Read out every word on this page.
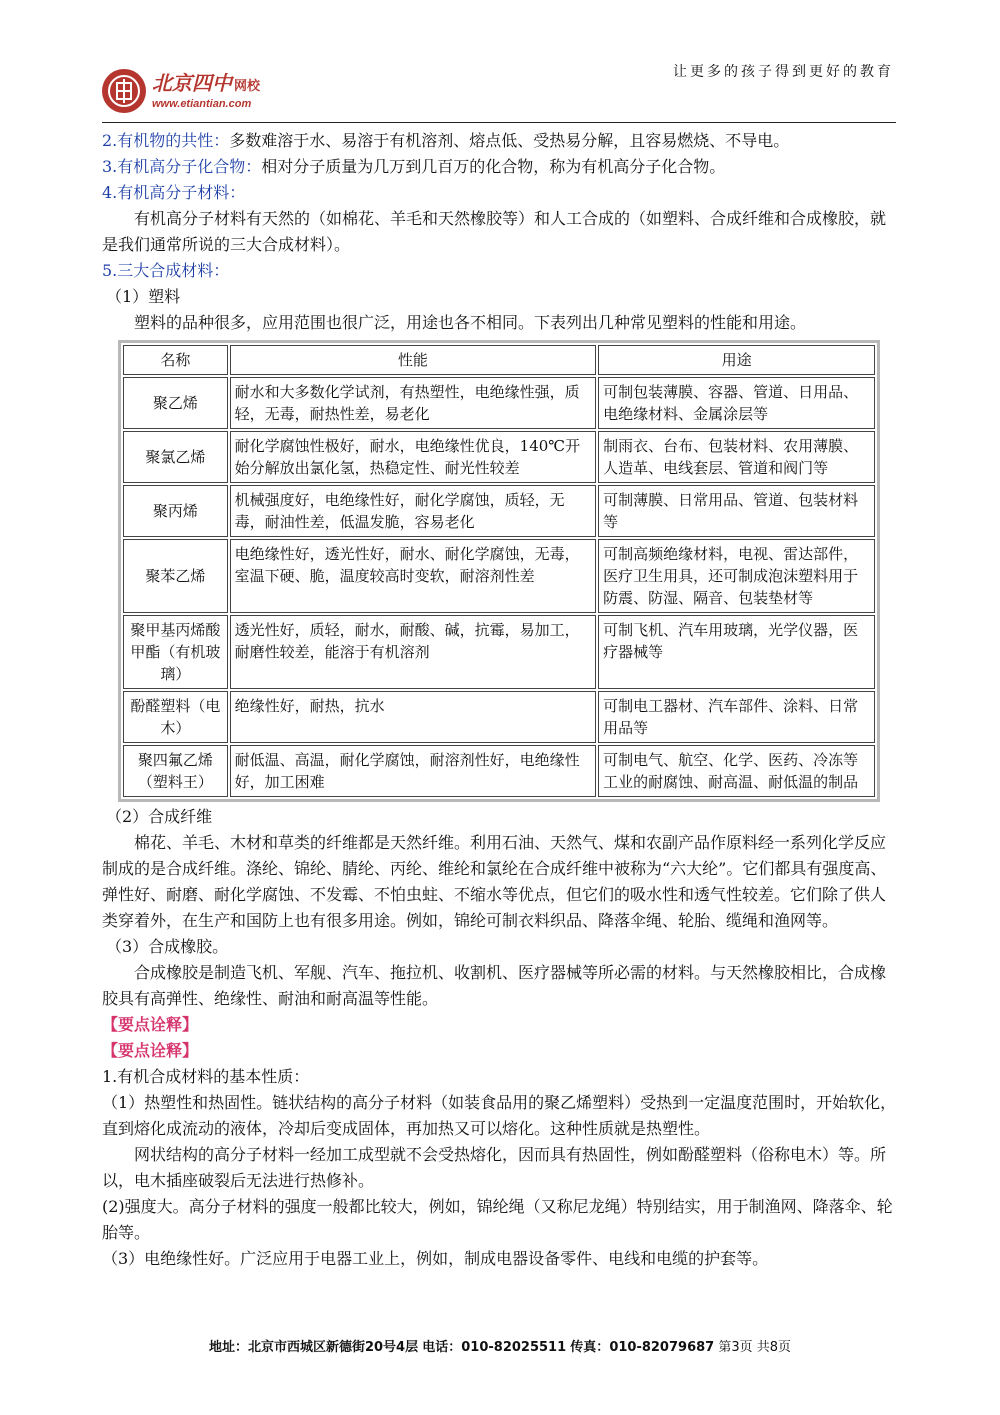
北京四中 网校
www.etiantian.com
让更多的孩子得到更好的教育

2.有机物的共性：多数难溶于水、易溶于有机溶剂、熔点低、受热易分解，且容易燃烧、不导电。

3.有机高分子化合物：相对分子质量为几万到几百万的化合物，称为有机高分子化合物。

4.有机高分子材料：

有机高分子材料有天然的（如棉花、羊毛和天然橡胶等）和人工合成的（如塑料、合成纤维和合成橡胶，就是我们通常所说的三大合成材料）。

5.三大合成材料：

（1）塑料

塑料的品种很多，应用范围也很广泛，用途也各不相同。下表列出几种常见塑料的性能和用途。

名称	性能	用途
聚乙烯	耐水和大多数化学试剂，有热塑性，电绝缘性强，质轻，无毒，耐热性差，易老化	可制包装薄膜、容器、管道、日用品、电绝缘材料、金属涂层等
聚氯乙烯	耐化学腐蚀性极好，耐水，电绝缘性优良，140℃开始分解放出氯化氢，热稳定性、耐光性较差	制雨衣、台布、包装材料、农用薄膜、人造革、电线套层、管道和阀门等
聚丙烯	机械强度好，电绝缘性好，耐化学腐蚀，质轻，无毒，耐油性差，低温发脆，容易老化	可制薄膜、日常用品、管道、包装材料等
聚苯乙烯	电绝缘性好，透光性好，耐水、耐化学腐蚀，无毒，室温下硬、脆，温度较高时变软，耐溶剂性差	可制高频绝缘材料，电视、雷达部件，医疗卫生用具，还可制成泡沫塑料用于防震、防湿、隔音、包装垫材等
聚甲基丙烯酸甲酯（有机玻璃）	透光性好，质轻，耐水，耐酸、碱，抗霉，易加工，耐磨性较差，能溶于有机溶剂	可制飞机、汽车用玻璃，光学仪器，医疗器械等
酚醛塑料（电木）	绝缘性好，耐热，抗水	可制电工器材、汽车部件、涂料、日常用品等
聚四氟乙烯（塑料王）	耐低温、高温，耐化学腐蚀，耐溶剂性好，电绝缘性好，加工困难	可制电气、航空、化学、医药、冷冻等工业的耐腐蚀、耐高温、耐低温的制品

（2）合成纤维

棉花、羊毛、木材和草类的纤维都是天然纤维。利用石油、天然气、煤和农副产品作原料经一系列化学反应制成的是合成纤维。涤纶、锦纶、腈纶、丙纶、维纶和氯纶在合成纤维中被称为“六大纶”。它们都具有强度高、弹性好、耐磨、耐化学腐蚀、不发霉、不怕虫蛀、不缩水等优点，但它们的吸水性和透气性较差。它们除了供人类穿着外，在生产和国防上也有很多用途。例如，锦纶可制衣料织品、降落伞绳、轮胎、缆绳和渔网等。

（3）合成橡胶。

合成橡胶是制造飞机、军舰、汽车、拖拉机、收割机、医疗器械等所必需的材料。与天然橡胶相比，合成橡胶具有高弹性、绝缘性、耐油和耐高温等性能。

【要点诠释】

【要点诠释】

1.有机合成材料的基本性质：

（1）热塑性和热固性。链状结构的高分子材料（如装食品用的聚乙烯塑料）受热到一定温度范围时，开始软化，直到熔化成流动的液体，冷却后变成固体，再加热又可以熔化。这种性质就是热塑性。

网状结构的高分子材料一经加工成型就不会受热熔化，因而具有热固性，例如酚醛塑料（俗称电木）等。所以，电木插座破裂后无法进行热修补。

(2)强度大。高分子材料的强度一般都比较大，例如，锦纶绳（又称尼龙绳）特别结实，用于制渔网、降落伞、轮胎等。

（3）电绝缘性好。广泛应用于电器工业上，例如，制成电器设备零件、电线和电缆的护套等。

地址：北京市西城区新德街20号4层 电话：010-82025511 传真：010-82079687 第3页 共8页
